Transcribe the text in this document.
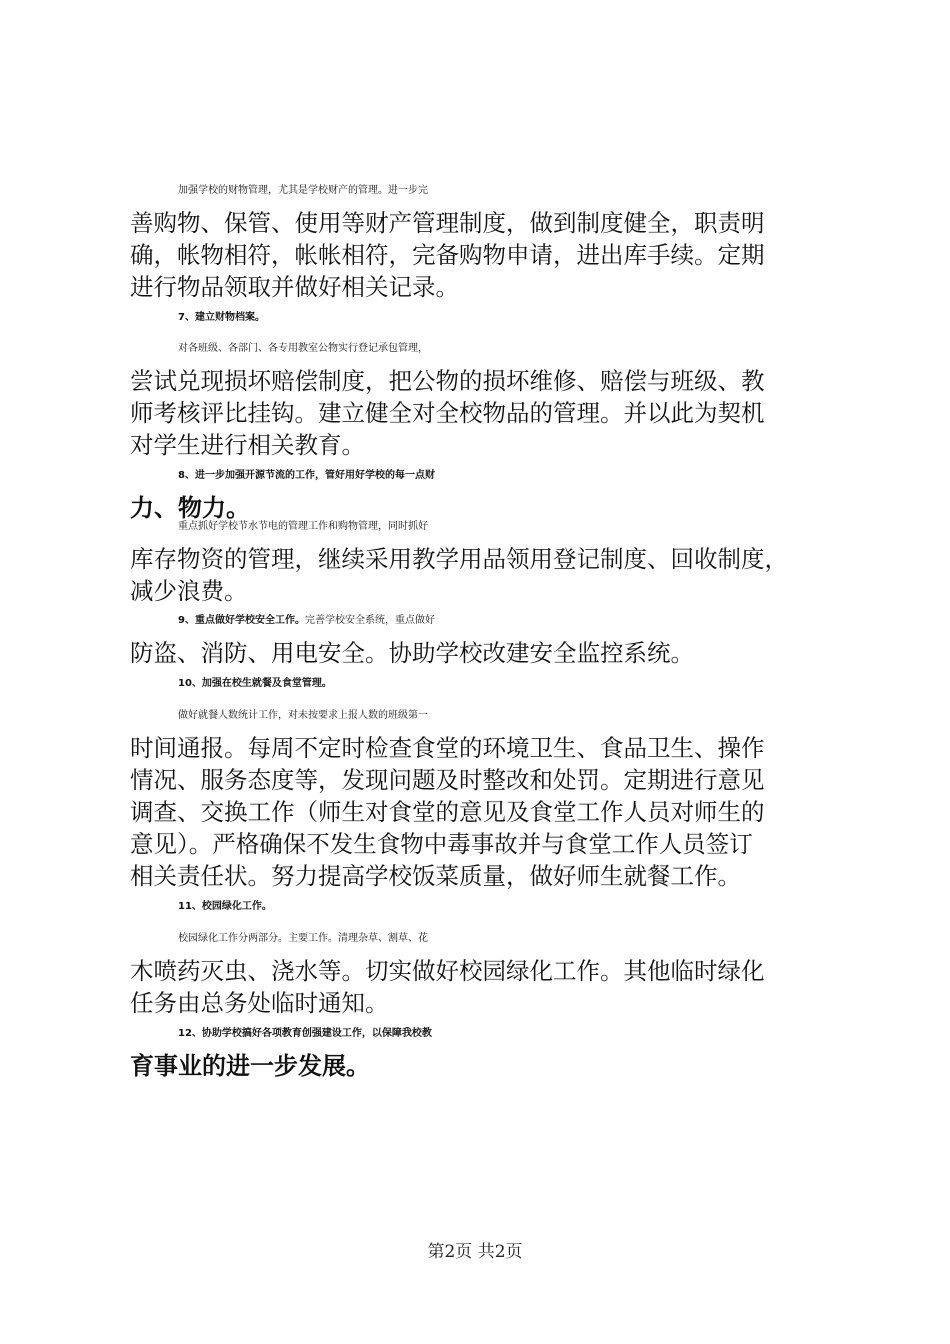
加强学校的财物管理，尤其是学校财产的管理。进一步完
善购物、保管、使用等财产管理制度，做到制度健全，职责明
确，帐物相符，帐帐相符，完备购物申请，进出库手续。定期
进行物品领取并做好相关记录。
7、建立财物档案。
对各班级、各部门、各专用教室公物实行登记承包管理，
尝试兑现损坏赔偿制度，把公物的损坏维修、赔偿与班级、教
师考核评比挂钩。建立健全对全校物品的管理。并以此为契机
对学生进行相关教育。
8、进一步加强开源节流的工作，管好用好学校的每一点财
力、物力。
重点抓好学校节水节电的管理工作和购物管理，同时抓好
库存物资的管理，继续采用教学用品领用登记制度、回收制度，
减少浪费。
9、重点做好学校安全工作。完善学校安全系统，重点做好
防盗、消防、用电安全。协助学校改建安全监控系统。
10、加强在校生就餐及食堂管理。
做好就餐人数统计工作，对未按要求上报人数的班级第一
时间通报。每周不定时检查食堂的环境卫生、食品卫生、操作
情况、服务态度等，发现问题及时整改和处罚。定期进行意见
调查、交换工作（师生对食堂的意见及食堂工作人员对师生的
意见）。严格确保不发生食物中毒事故并与食堂工作人员签订
相关责任状。努力提高学校饭菜质量，做好师生就餐工作。
11、校园绿化工作。
校园绿化工作分两部分。主要工作。清理杂草、割草、花
木喷药灭虫、浇水等。切实做好校园绿化工作。其他临时绿化
任务由总务处临时通知。
12、协助学校搞好各项教育创强建设工作，以保障我校教
育事业的进一步发展。
第2页 共2页
